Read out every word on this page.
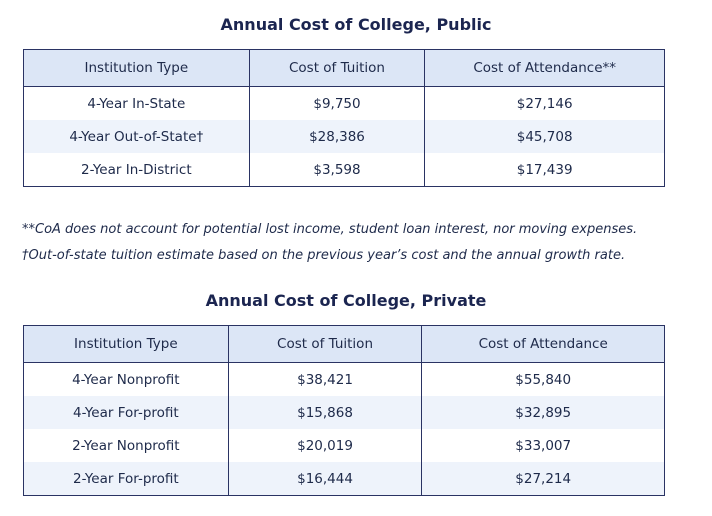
Annual Cost of College, Public
Institution Type	Cost of Tuition	Cost of Attendance**
4-Year In-State	$9,750	$27,146
4-Year Out-of-State†	$28,386	$45,708
2-Year In-District	$3,598	$17,439
**CoA does not account for potential lost income, student loan interest, nor moving expenses.
†Out-of-state tuition estimate based on the previous year’s cost and the annual growth rate.
Annual Cost of College, Private
Institution Type	Cost of Tuition	Cost of Attendance
4-Year Nonprofit	$38,421	$55,840
4-Year For-profit	$15,868	$32,895
2-Year Nonprofit	$20,019	$33,007
2-Year For-profit	$16,444	$27,214
